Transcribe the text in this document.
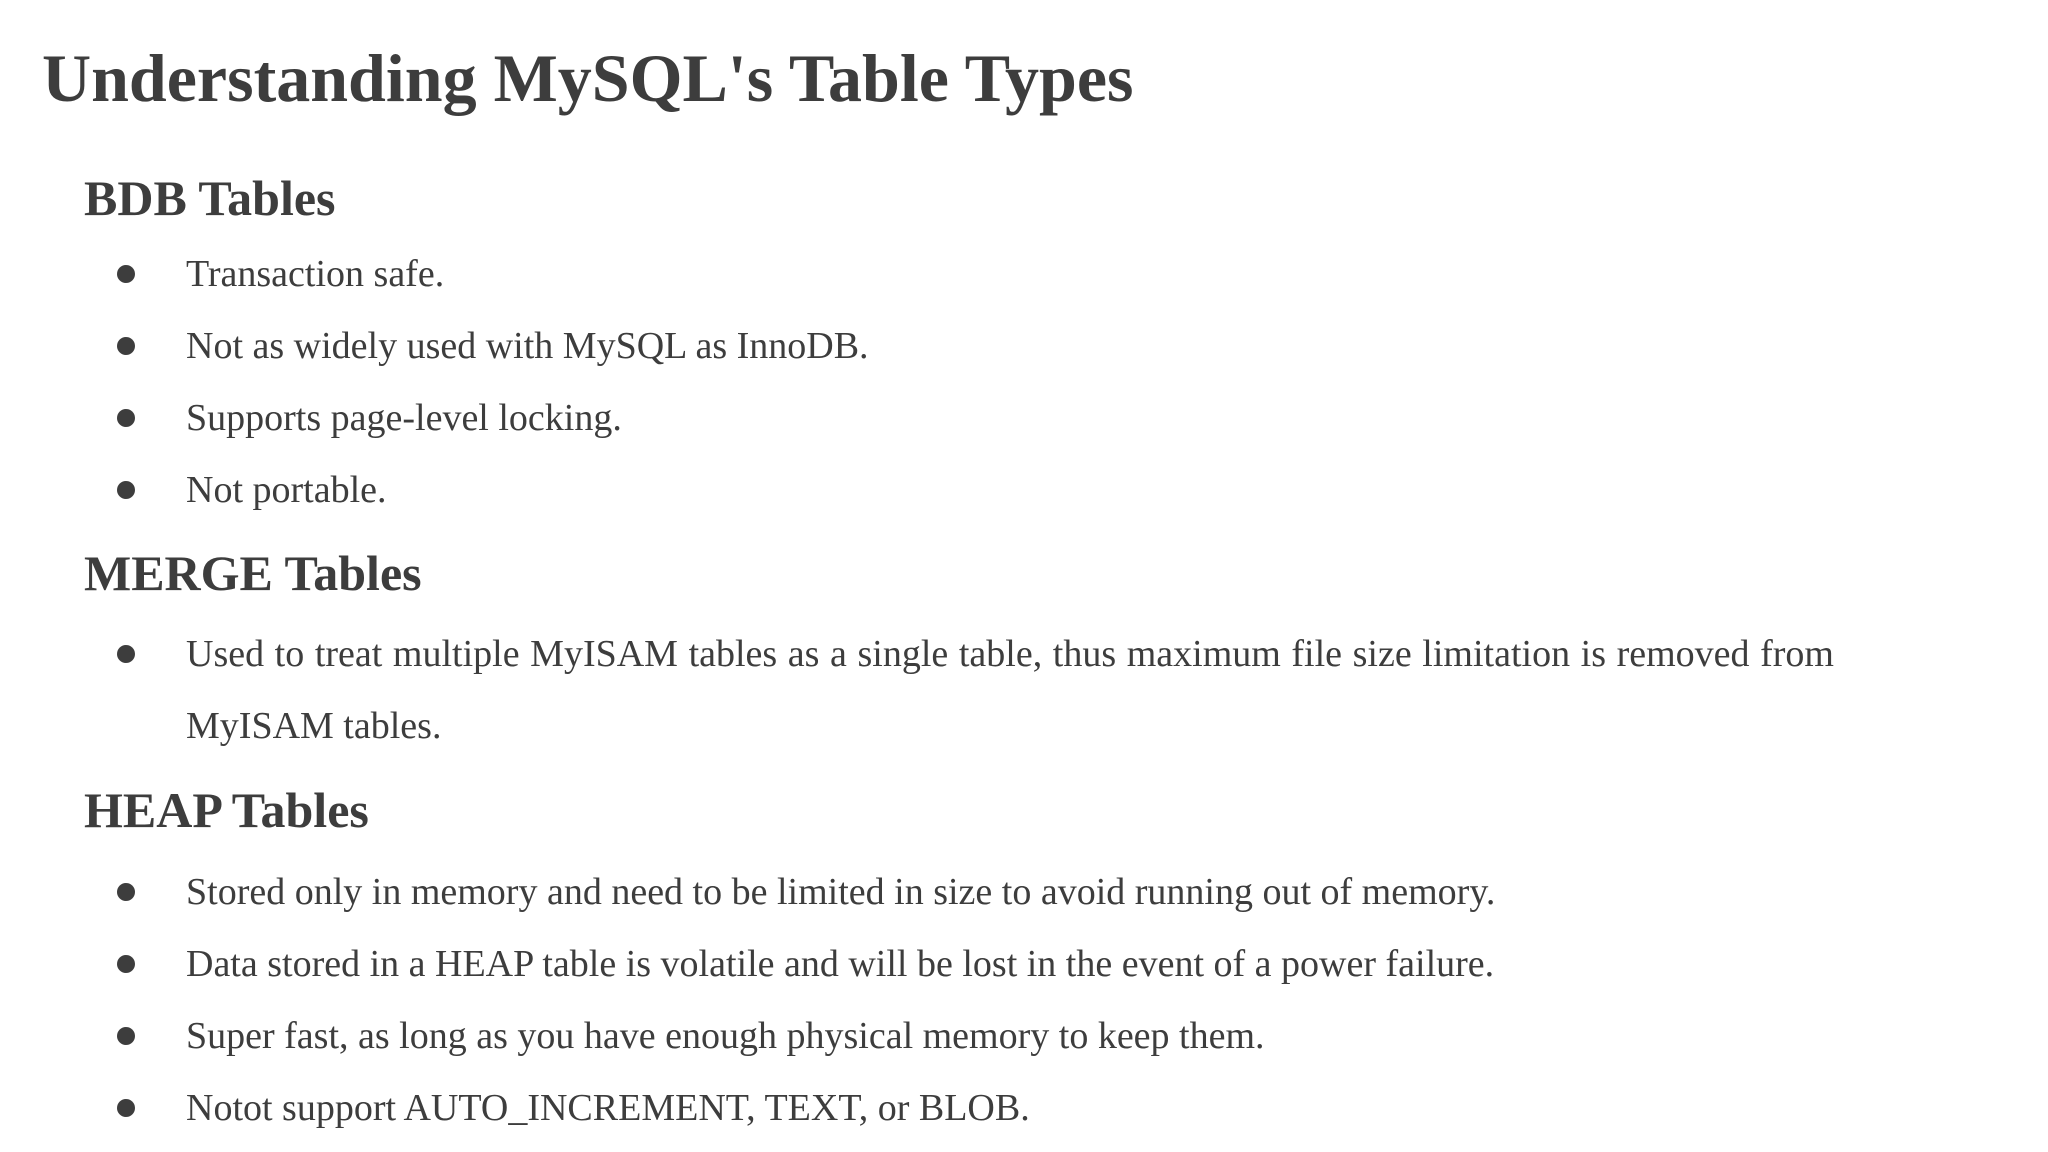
Understanding MySQL's Table Types
BDB Tables
Transaction safe.
Not as widely used with MySQL as InnoDB.
Supports page-level locking.
Not portable.
MERGE Tables
Used to treat multiple MyISAM tables as a single table, thus maximum file size limitation is removed from MyISAM tables.
HEAP Tables
Stored only in memory and need to be limited in size to avoid running out of memory.
Data stored in a HEAP table is volatile and will be lost in the event of a power failure.
Super fast, as long as you have enough physical memory to keep them.
Notot support AUTO_INCREMENT, TEXT, or BLOB.
